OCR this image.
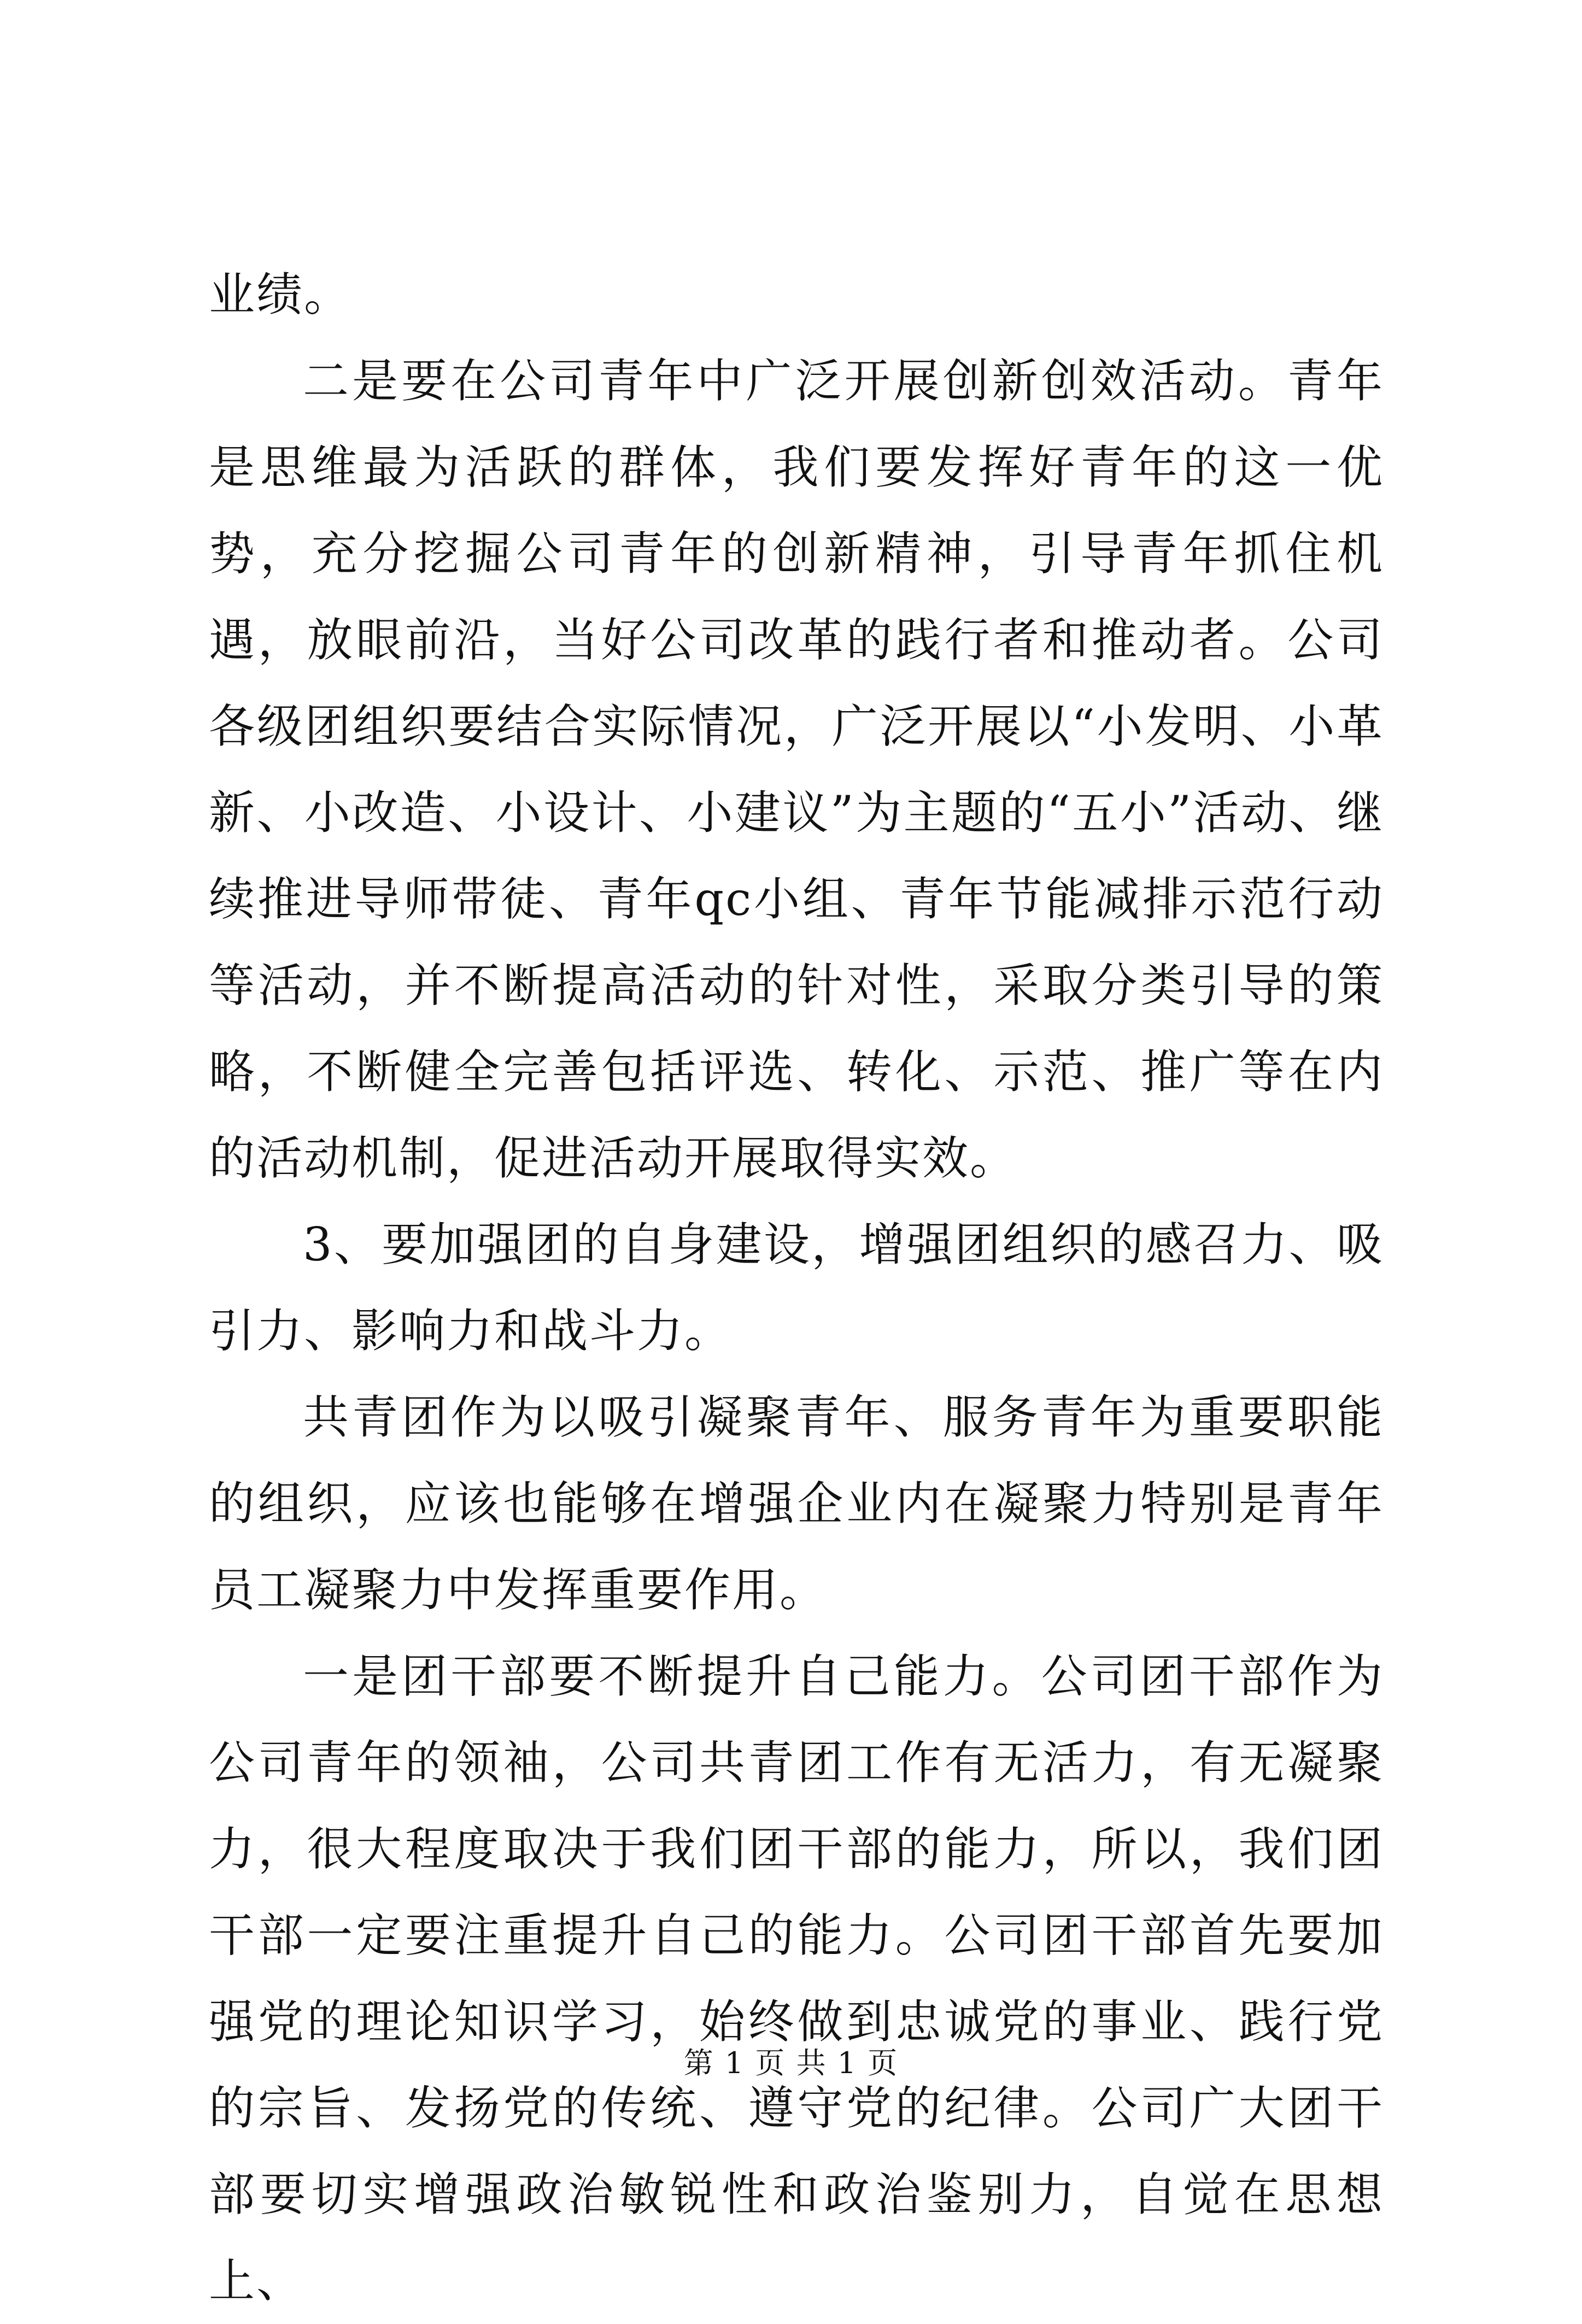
业绩。

二是要在公司青年中广泛开展创新创效活动。青年是思维最为活跃的群体，我们要发挥好青年的这一优势，充分挖掘公司青年的创新精神，引导青年抓住机遇，放眼前沿，当好公司改革的践行者和推动者。公司各级团组织要结合实际情况，广泛开展以“小发明、小革新、小改造、小设计、小建议”为主题的“五小”活动、继续推进导师带徒、青年qc小组、青年节能减排示范行动等活动，并不断提高活动的针对性，采取分类引导的策略，不断健全完善包括评选、转化、示范、推广等在内的活动机制，促进活动开展取得实效。

3、要加强团的自身建设，增强团组织的感召力、吸引力、影响力和战斗力。

共青团作为以吸引凝聚青年、服务青年为重要职能的组织，应该也能够在增强企业内在凝聚力特别是青年员工凝聚力中发挥重要作用。

一是团干部要不断提升自己能力。公司团干部作为公司青年的领袖，公司共青团工作有无活力，有无凝聚力，很大程度取决于我们团干部的能力，所以，我们团干部一定要注重提升自己的能力。公司团干部首先要加强党的理论知识学习，始终做到忠诚党的事业、践行党的宗旨、发扬党的传统、遵守党的纪律。公司广大团干部要切实增强政治敏锐性和政治鉴别力，自觉在思想上、

第 1 页 共 1 页
